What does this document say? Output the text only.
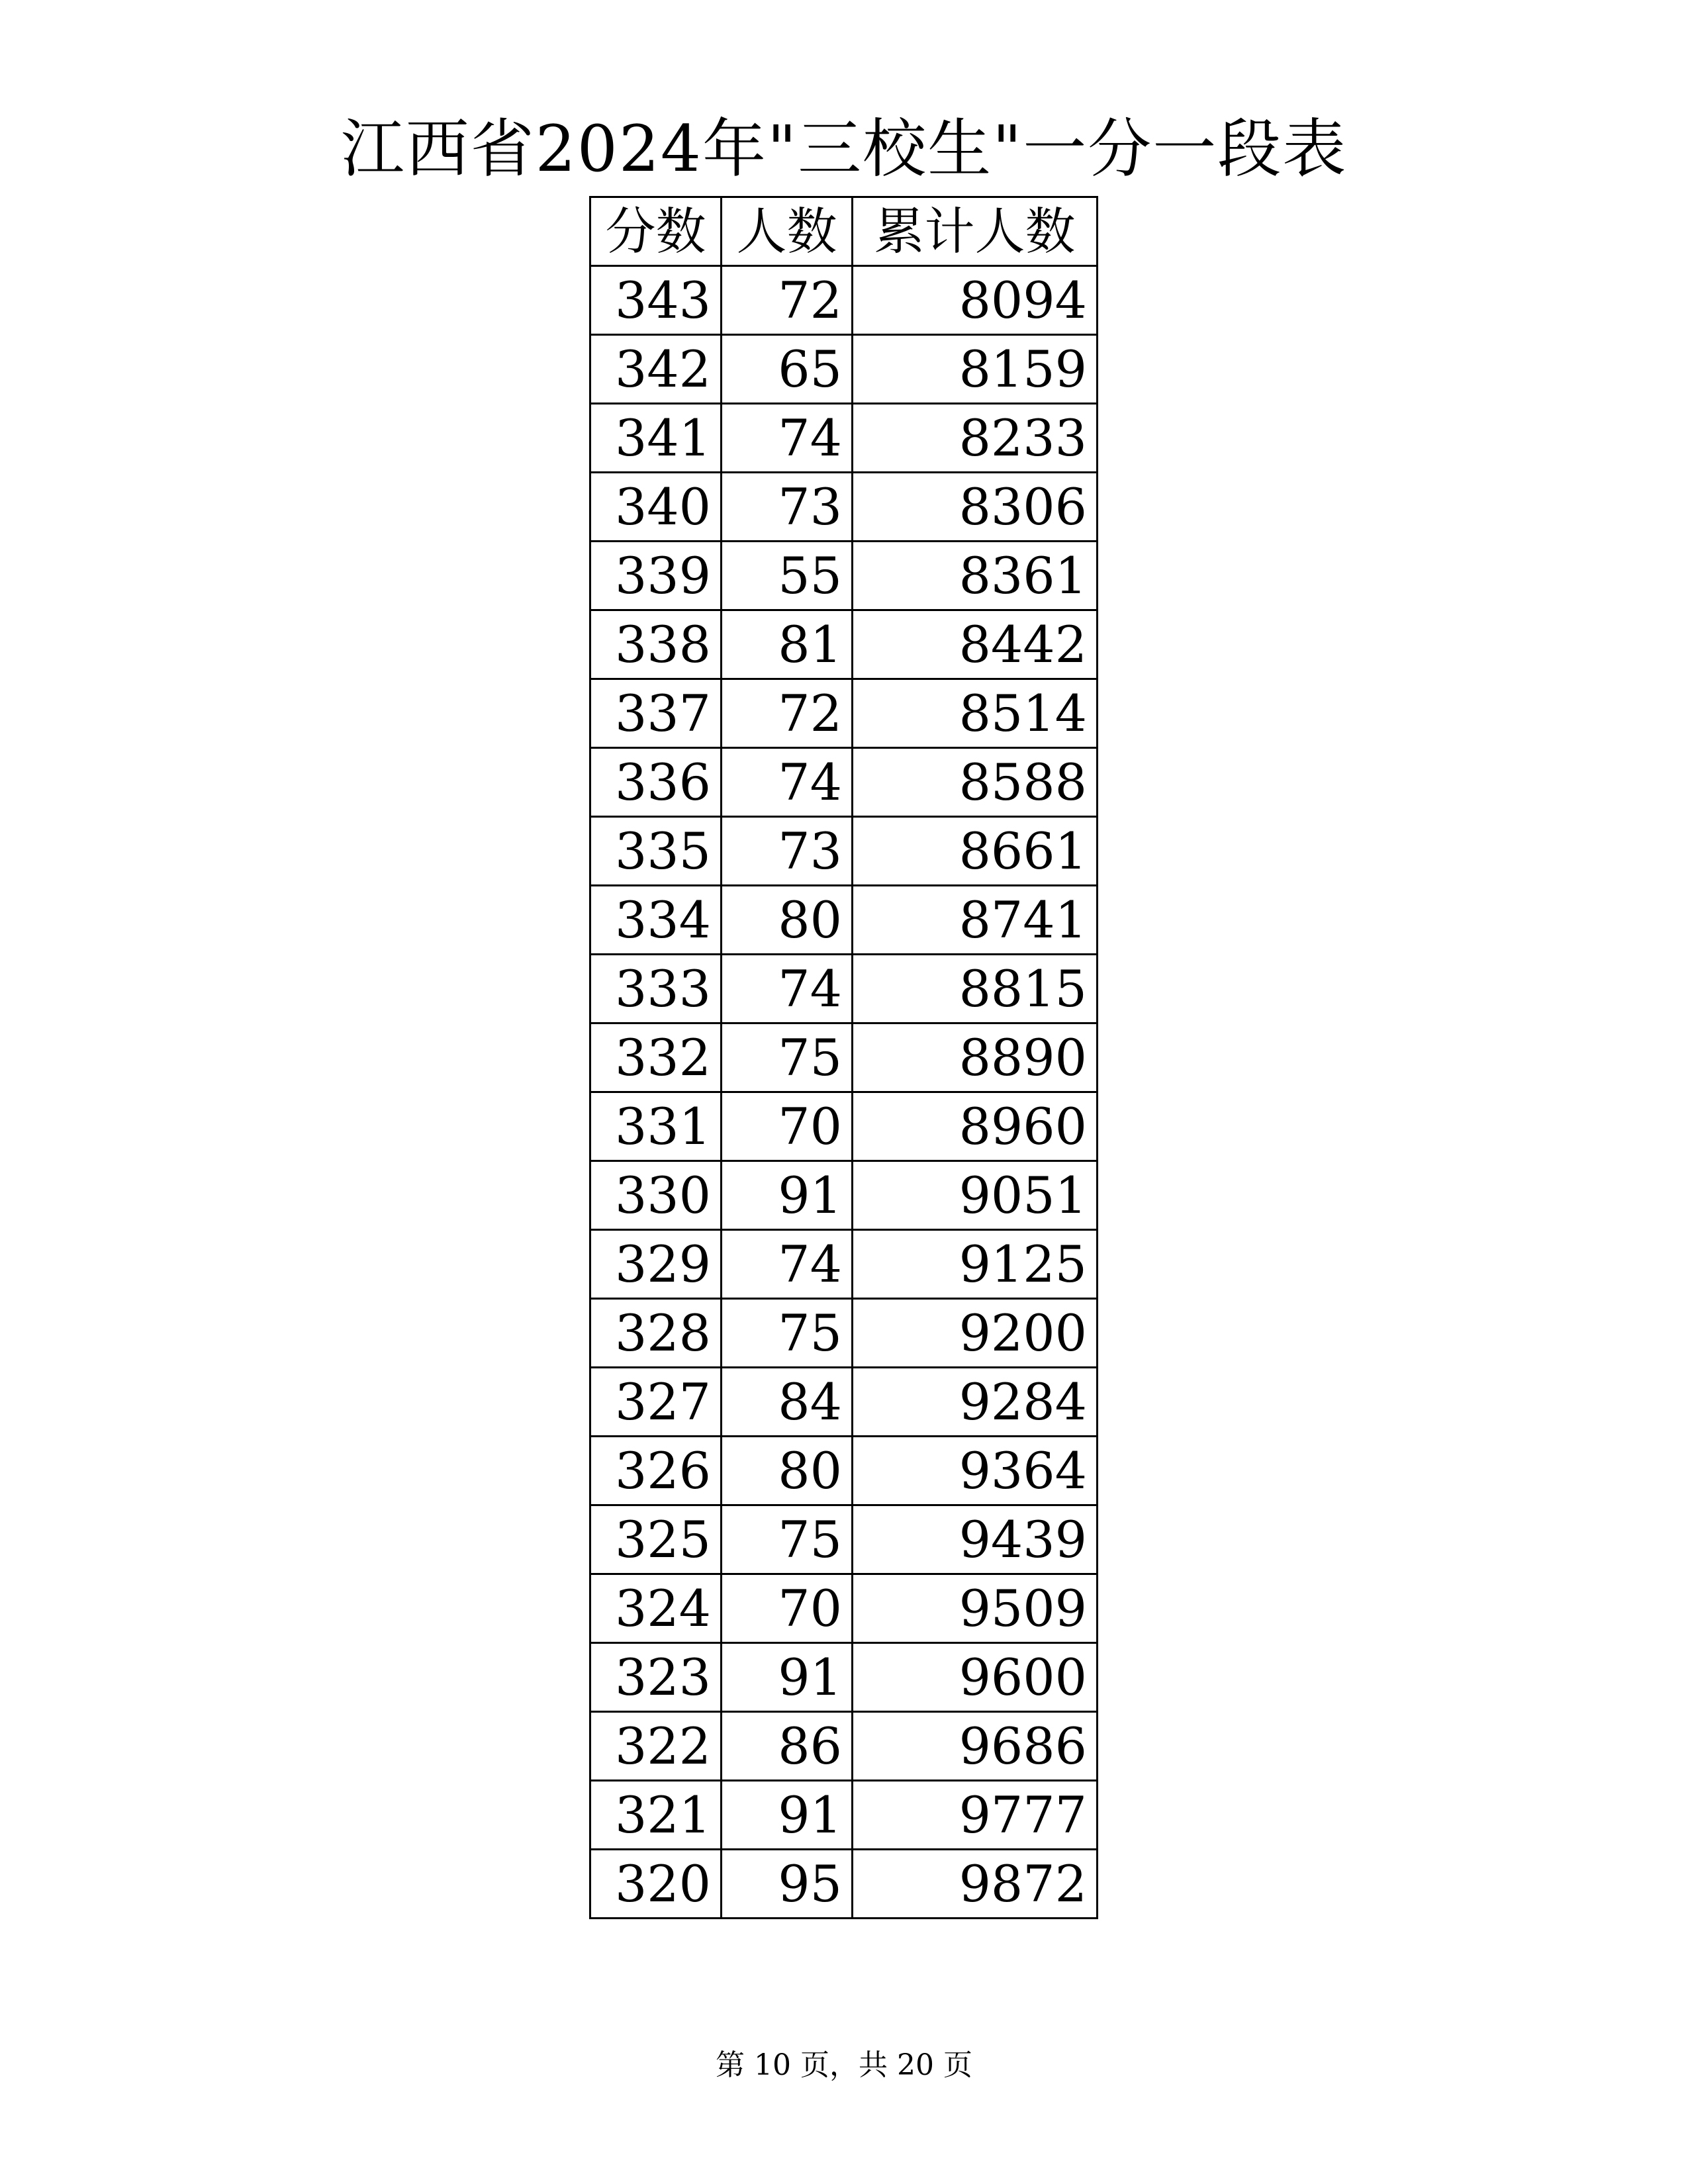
江西省2024年"三校生"一分一段表
分数	人数	累计人数
343	72	8094
342	65	8159
341	74	8233
340	73	8306
339	55	8361
338	81	8442
337	72	8514
336	74	8588
335	73	8661
334	80	8741
333	74	8815
332	75	8890
331	70	8960
330	91	9051
329	74	9125
328	75	9200
327	84	9284
326	80	9364
325	75	9439
324	70	9509
323	91	9600
322	86	9686
321	91	9777
320	95	9872
第 10 页，共 20 页
